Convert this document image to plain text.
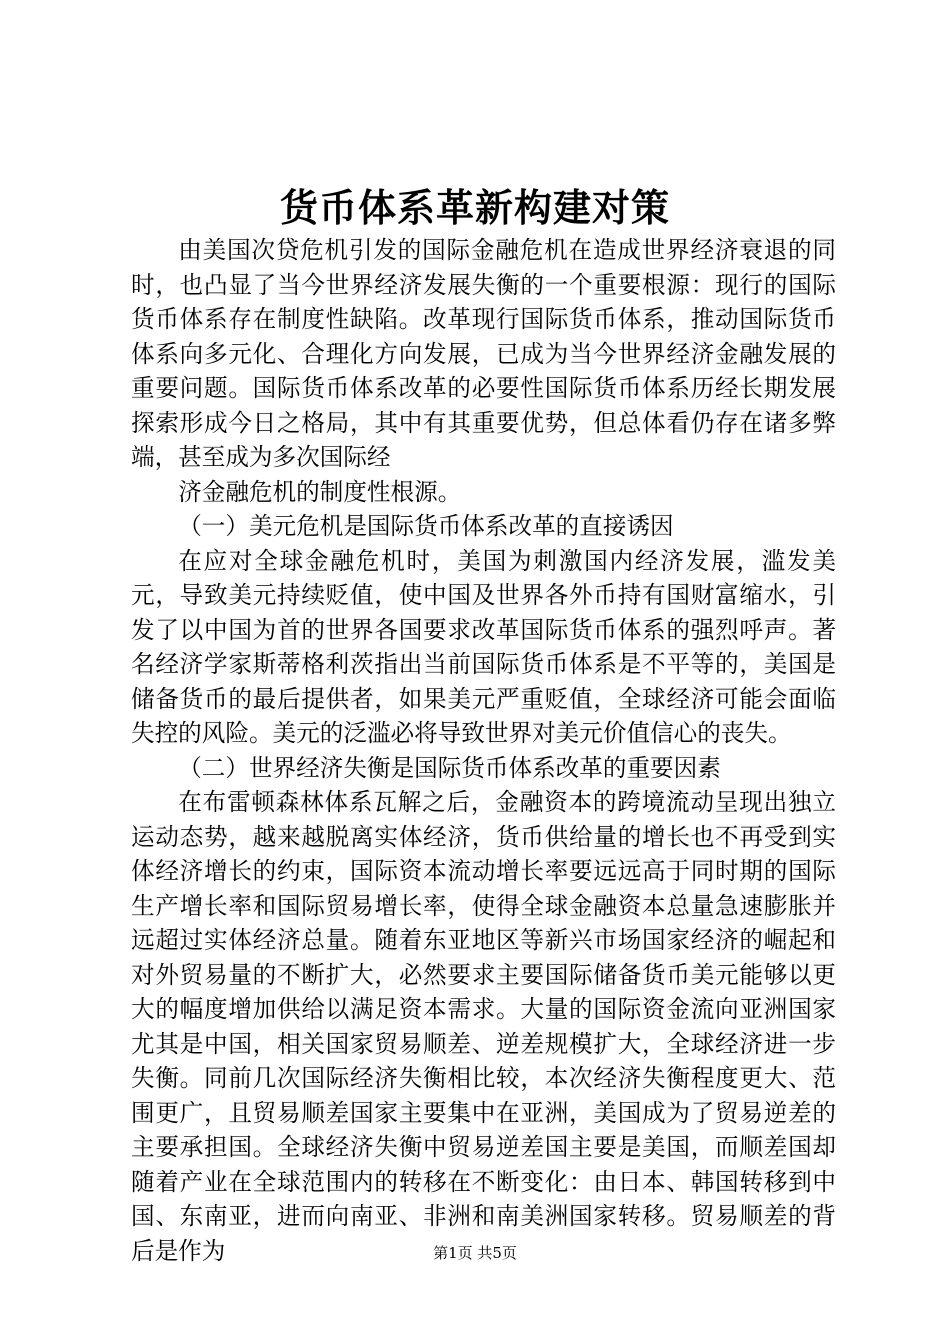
货币体系革新构建对策

由美国次贷危机引发的国际金融危机在造成世界经济衰退的同时，也凸显了当今世界经济发展失衡的一个重要根源：现行的国际货币体系存在制度性缺陷。改革现行国际货币体系，推动国际货币体系向多元化、合理化方向发展，已成为当今世界经济金融发展的重要问题。国际货币体系改革的必要性国际货币体系历经长期发展探索形成今日之格局，其中有其重要优势，但总体看仍存在诸多弊端，甚至成为多次国际经

济金融危机的制度性根源。

（一）美元危机是国际货币体系改革的直接诱因

在应对全球金融危机时，美国为刺激国内经济发展，滥发美元，导致美元持续贬值，使中国及世界各外币持有国财富缩水，引发了以中国为首的世界各国要求改革国际货币体系的强烈呼声。著名经济学家斯蒂格利茨指出当前国际货币体系是不平等的，美国是储备货币的最后提供者，如果美元严重贬值，全球经济可能会面临失控的风险。美元的泛滥必将导致世界对美元价值信心的丧失。

（二）世界经济失衡是国际货币体系改革的重要因素

在布雷顿森林体系瓦解之后，金融资本的跨境流动呈现出独立运动态势，越来越脱离实体经济，货币供给量的增长也不再受到实体经济增长的约束，国际资本流动增长率要远远高于同时期的国际生产增长率和国际贸易增长率，使得全球金融资本总量急速膨胀并远超过实体经济总量。随着东亚地区等新兴市场国家经济的崛起和对外贸易量的不断扩大，必然要求主要国际储备货币美元能够以更大的幅度增加供给以满足资本需求。大量的国际资金流向亚洲国家尤其是中国，相关国家贸易顺差、逆差规模扩大，全球经济进一步失衡。同前几次国际经济失衡相比较，本次经济失衡程度更大、范围更广，且贸易顺差国家主要集中在亚洲，美国成为了贸易逆差的主要承担国。全球经济失衡中贸易逆差国主要是美国，而顺差国却随着产业在全球范围内的转移在不断变化：由日本、韩国转移到中国、东南亚，进而向南亚、非洲和南美洲国家转移。贸易顺差的背后是作为	第1页 共5页
